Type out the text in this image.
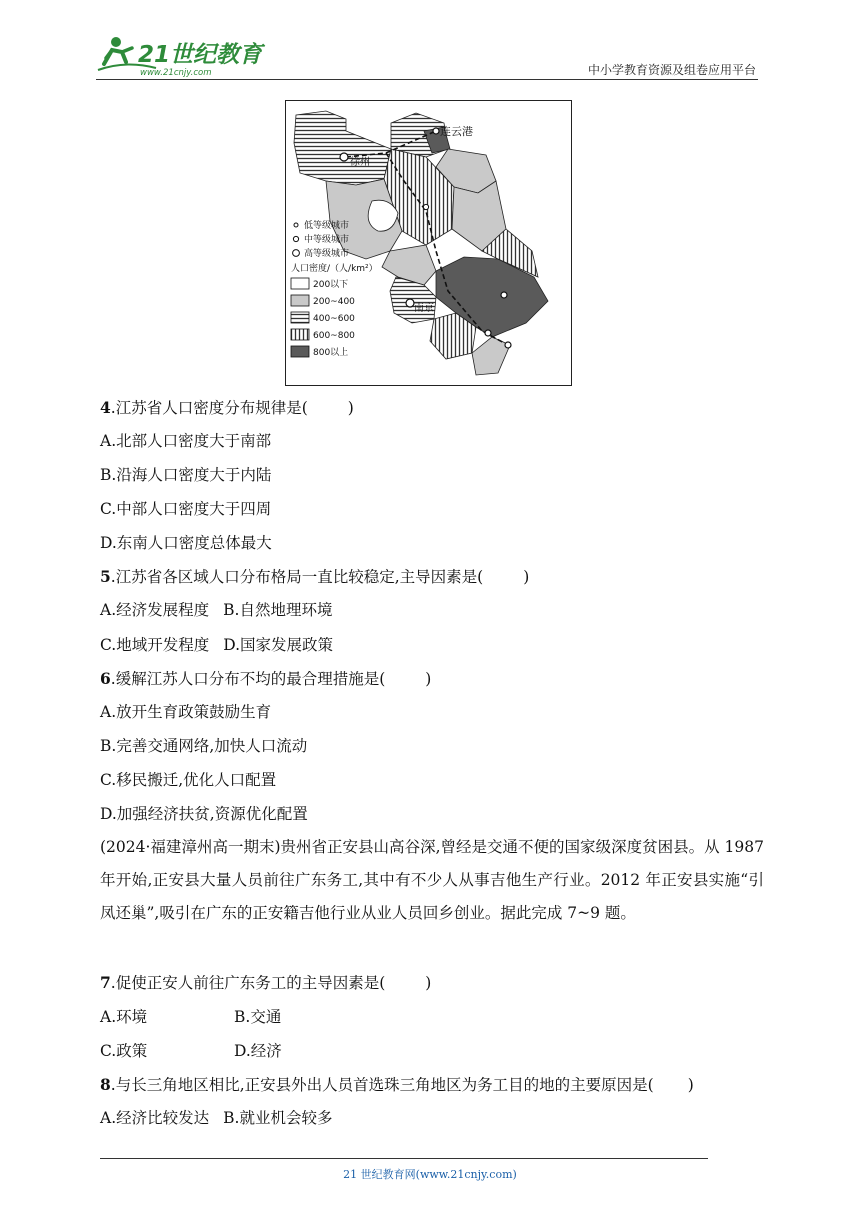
21世纪教育
www.21cnjy.com	中小学教育资源及组卷应用平台
连云港
徐州
南京
低等级城市
中等级城市
高等级城市
人口密度/（人/km²）
200以下
200~400
400~600
600~800
800以上
4.江苏省人口密度分布规律是(	)
A.北部人口密度大于南部
B.沿海人口密度大于内陆
C.中部人口密度大于四周
D.东南人口密度总体最大
5.江苏省各区域人口分布格局一直比较稳定,主导因素是(	)
A.经济发展程度 B.自然地理环境
C.地域开发程度 D.国家发展政策
6.缓解江苏人口分布不均的最合理措施是(	)
A.放开生育政策鼓励生育
B.完善交通网络,加快人口流动
C.移民搬迁,优化人口配置
D.加强经济扶贫,资源优化配置
(2024·福建漳州高一期末)贵州省正安县山高谷深,曾经是交通不便的国家级深度贫困县。从 1987 年开始,正安县大量人员前往广东务工,其中有不少人从事吉他生产行业。2012 年正安县实施“引凤还巢”,吸引在广东的正安籍吉他行业从业人员回乡创业。据此完成 7~9 题。
7.促使正安人前往广东务工的主导因素是(	)
A.环境	B.交通
C.政策	D.经济
8.与长三角地区相比,正安县外出人员首选珠三角地区为务工目的地的主要原因是( )
A.经济比较发达 B.就业机会较多
21 世纪教育网(www.21cnjy.com)
